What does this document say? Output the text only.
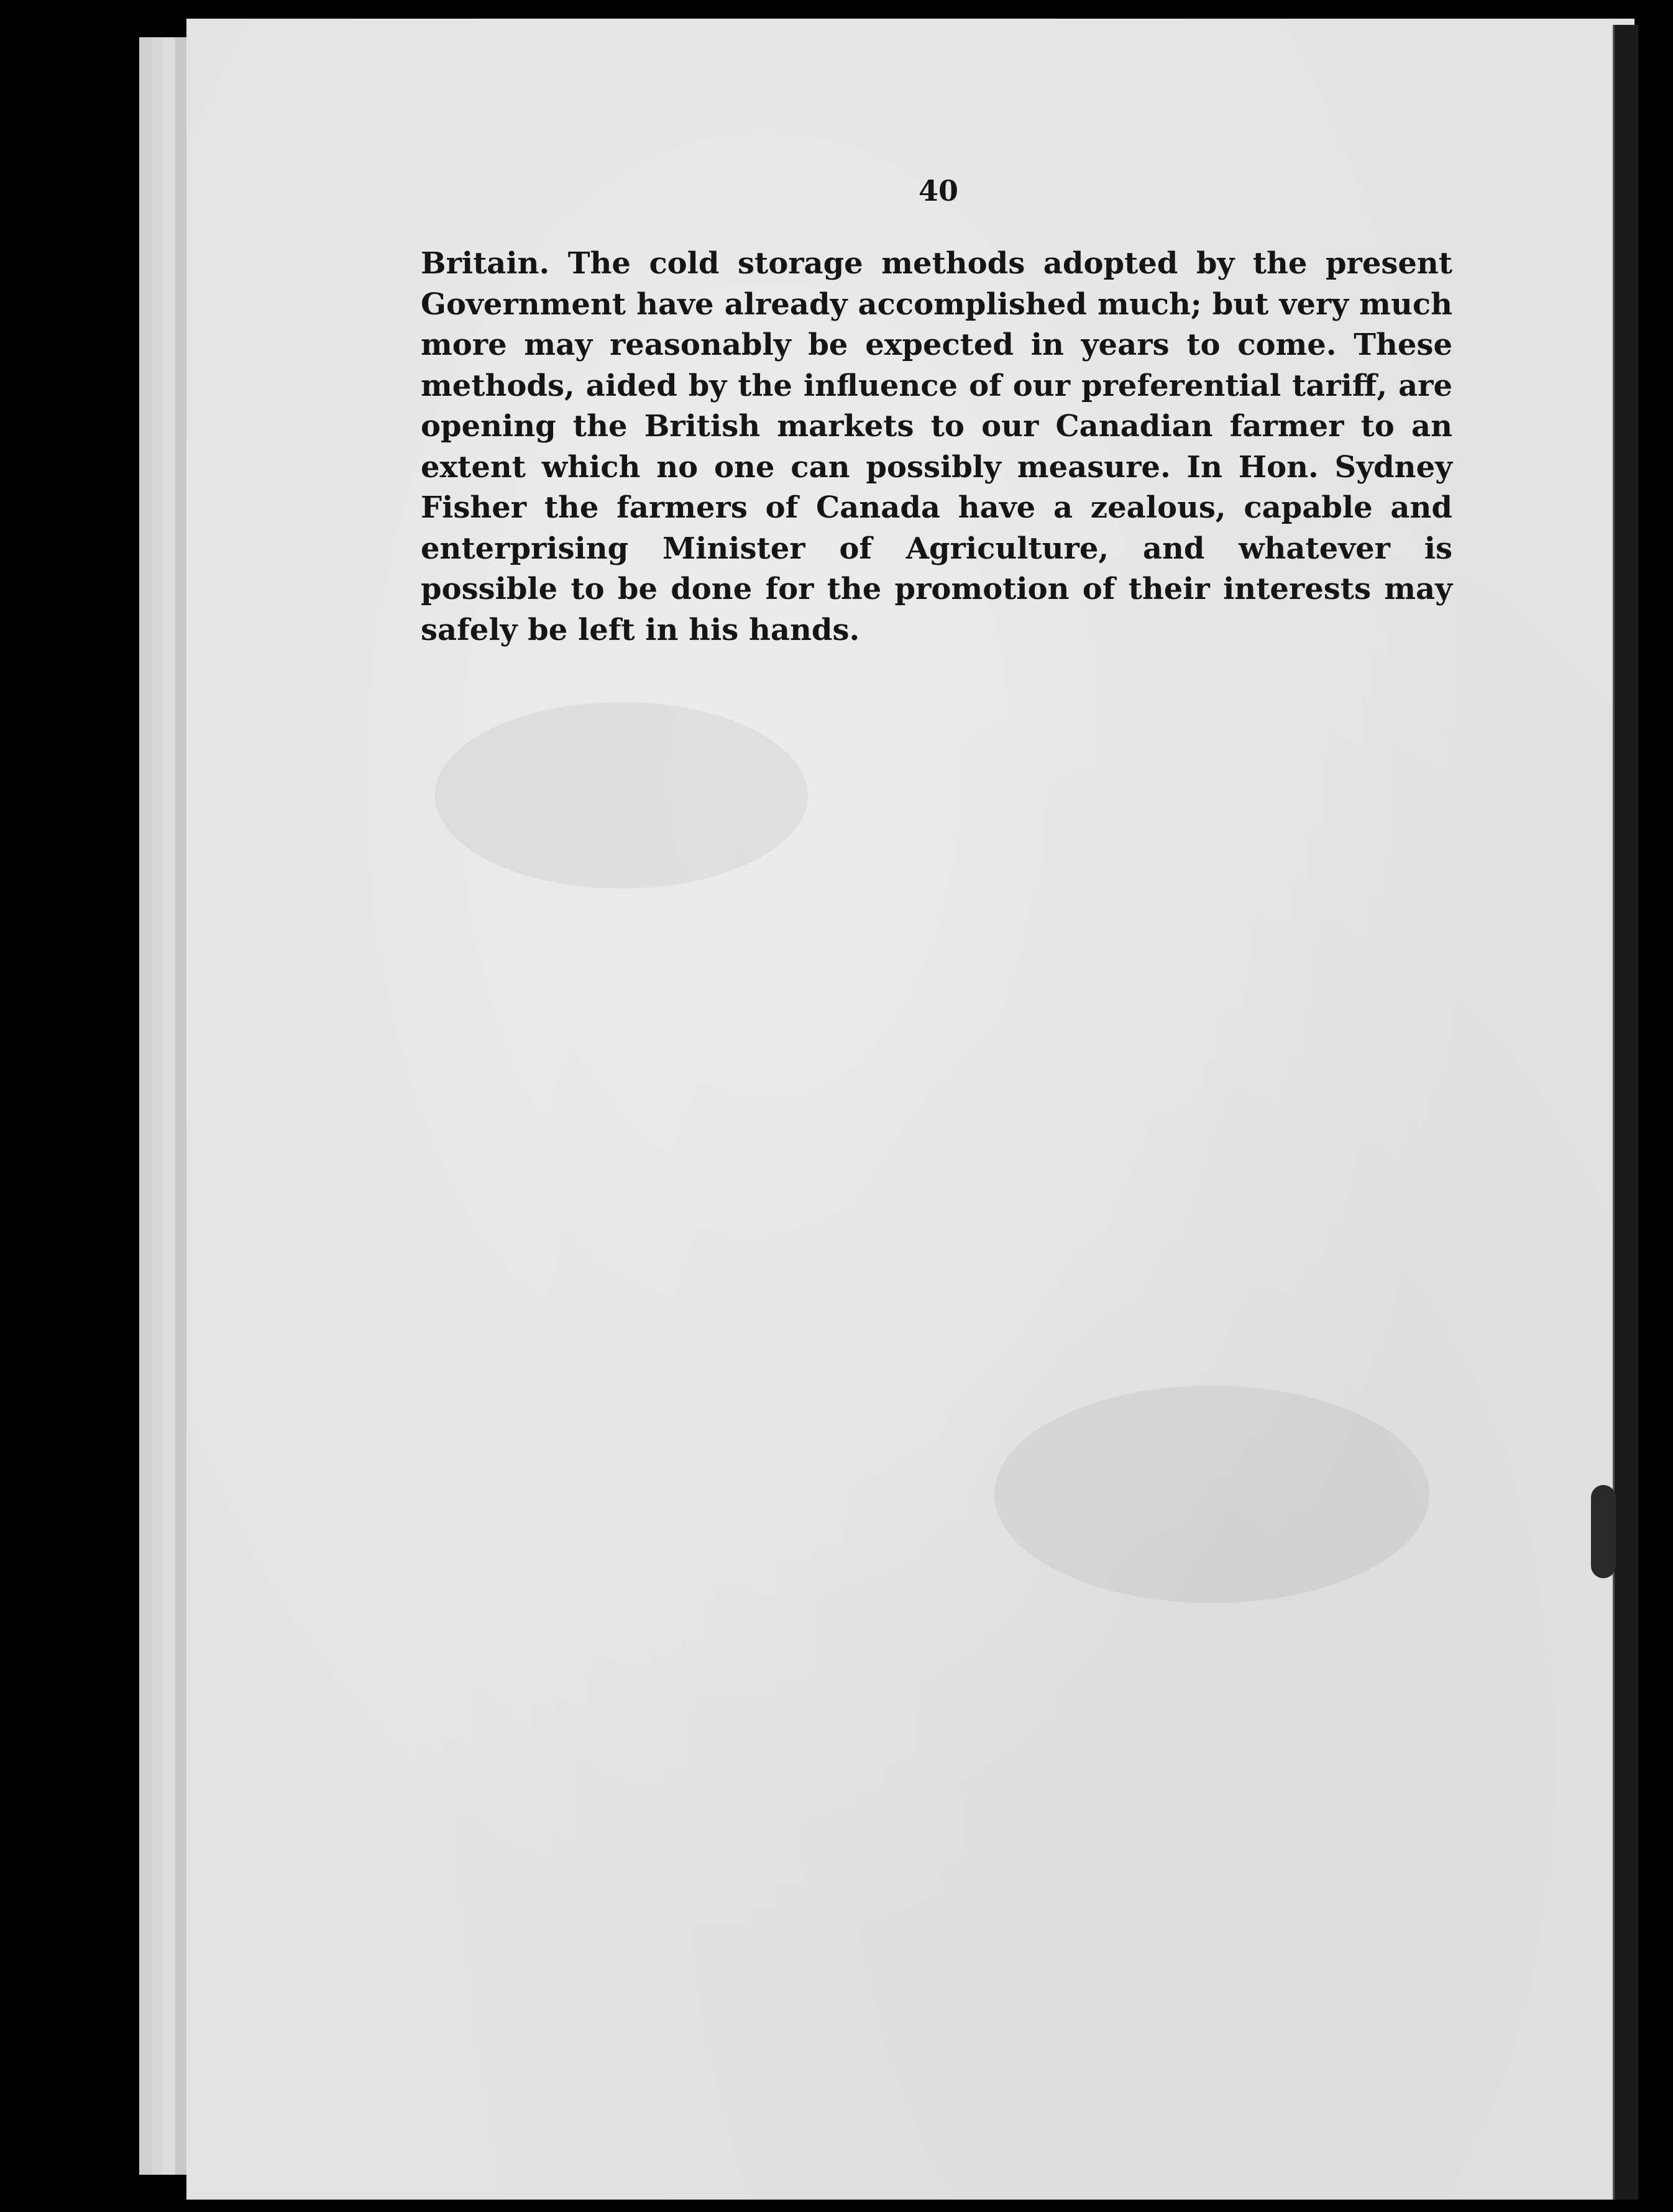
40

Britain. The cold storage methods adopted by the present Government have already accomplished much; but very much more may reasonably be expected in years to come. These methods, aided by the influence of our preferential tariff, are opening the British markets to our Canadian farmer to an extent which no one can possibly measure. In Hon. Sydney Fisher the farmers of Canada have a zealous, capable and enterprising Minister of Agriculture, and whatever is possible to be done for the promotion of their interests may safely be left in his hands.
